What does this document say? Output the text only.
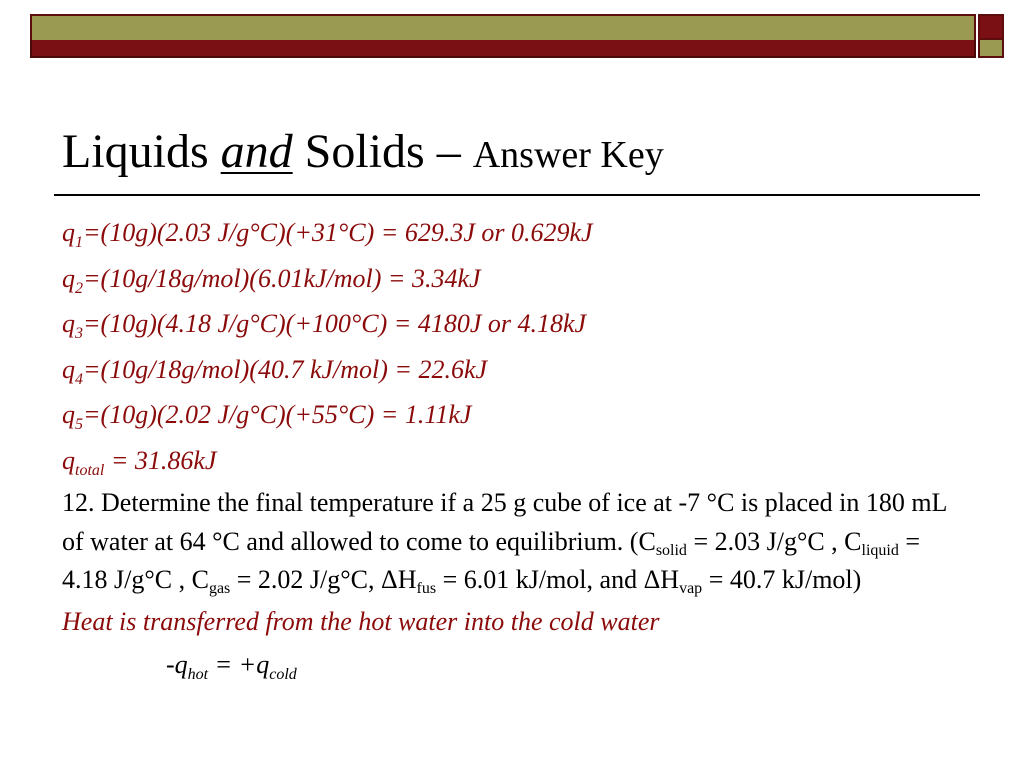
Liquids and Solids – Answer Key
$q_1=(10g)(2.03$ J/g°C)(+31°C) = 629.3J or 0.629kJ
$q_2=(10g/18g/mol)(6.01kJ/mol) = 3.34kJ$
$q_3=(10g)(4.18$ J/g°C)(+100°C) = 4180J or 4.18kJ
$q_4=(10g/18g/mol)(40.7$ kJ/mol) = 22.6kJ
$q_5=(10g)(2.02$ J/g°C)(+55°C) = 1.11kJ
$q_{total} = 31.86kJ$
12. Determine the final temperature if a 25 g cube of ice at -7 °C is placed in 180 mL of water at 64 °C and allowed to come to equilibrium. ($C_{solid} = 2.03$ J/g°C , $C_{liquid} = 4.18$ J/g°C , $C_{gas} = 2.02$ J/g°C, $\Delta H_{fus} = 6.01$ kJ/mol, and $\Delta H_{vap} = 40.7$ kJ/mol)
Heat is transferred from the hot water into the cold water
$-q_{hot} = +q_{cold}$
